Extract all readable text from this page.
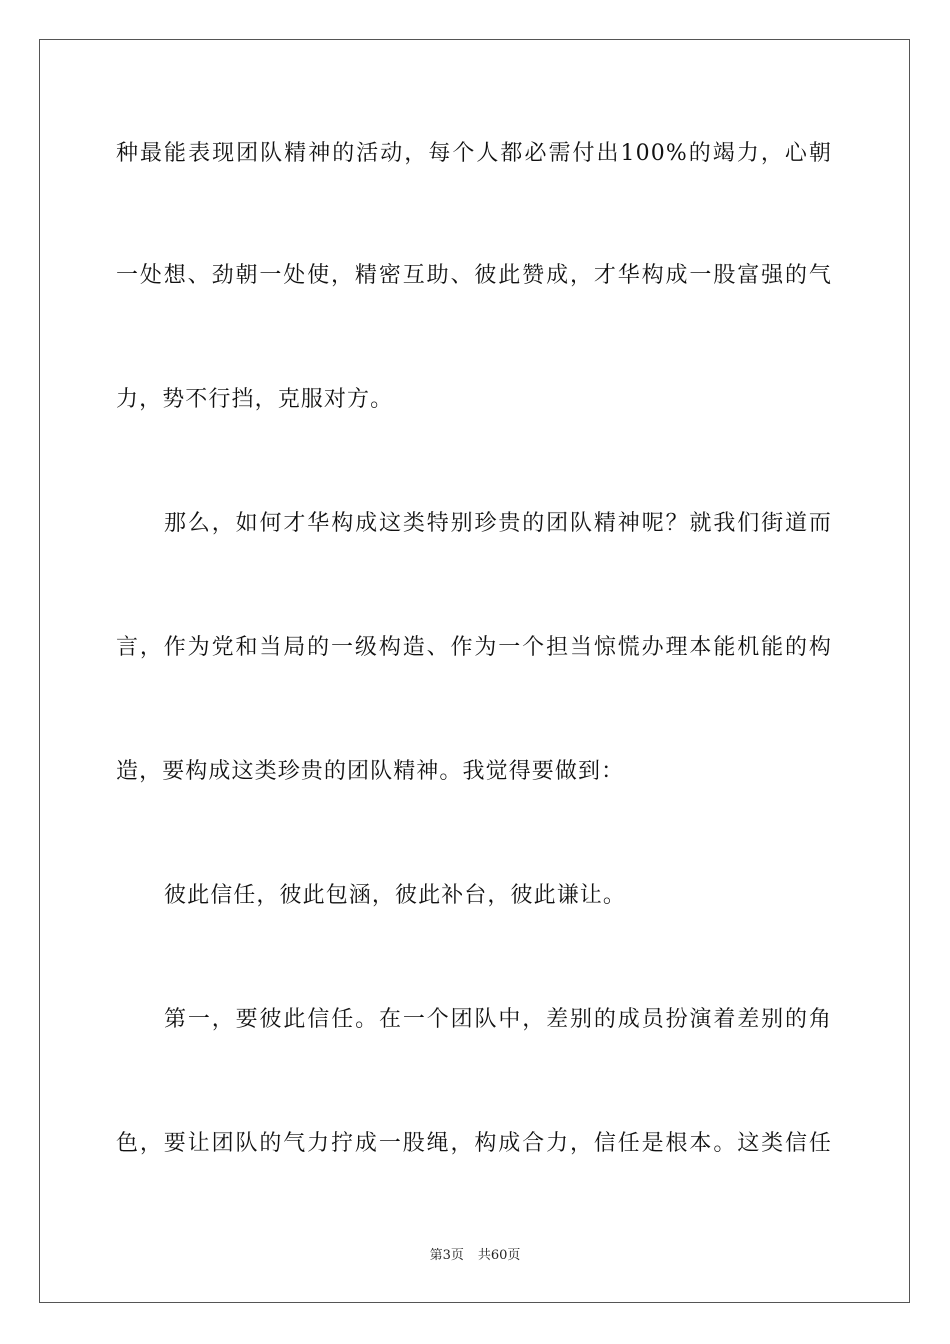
种最能表现团队精神的活动，每个人都必需付出100%的竭力，心朝
一处想、劲朝一处使，精密互助、彼此赞成，才华构成一股富强的气
力，势不行挡，克服对方。
那么，如何才华构成这类特别珍贵的团队精神呢？就我们街道而
言，作为党和当局的一级构造、作为一个担当惊慌办理本能机能的构
造，要构成这类珍贵的团队精神。我觉得要做到：
彼此信任，彼此包涵，彼此补台，彼此谦让。
第一，要彼此信任。在一个团队中，差别的成员扮演着差别的角
色，要让团队的气力拧成一股绳，构成合力，信任是根本。这类信任
第3页 共60页
